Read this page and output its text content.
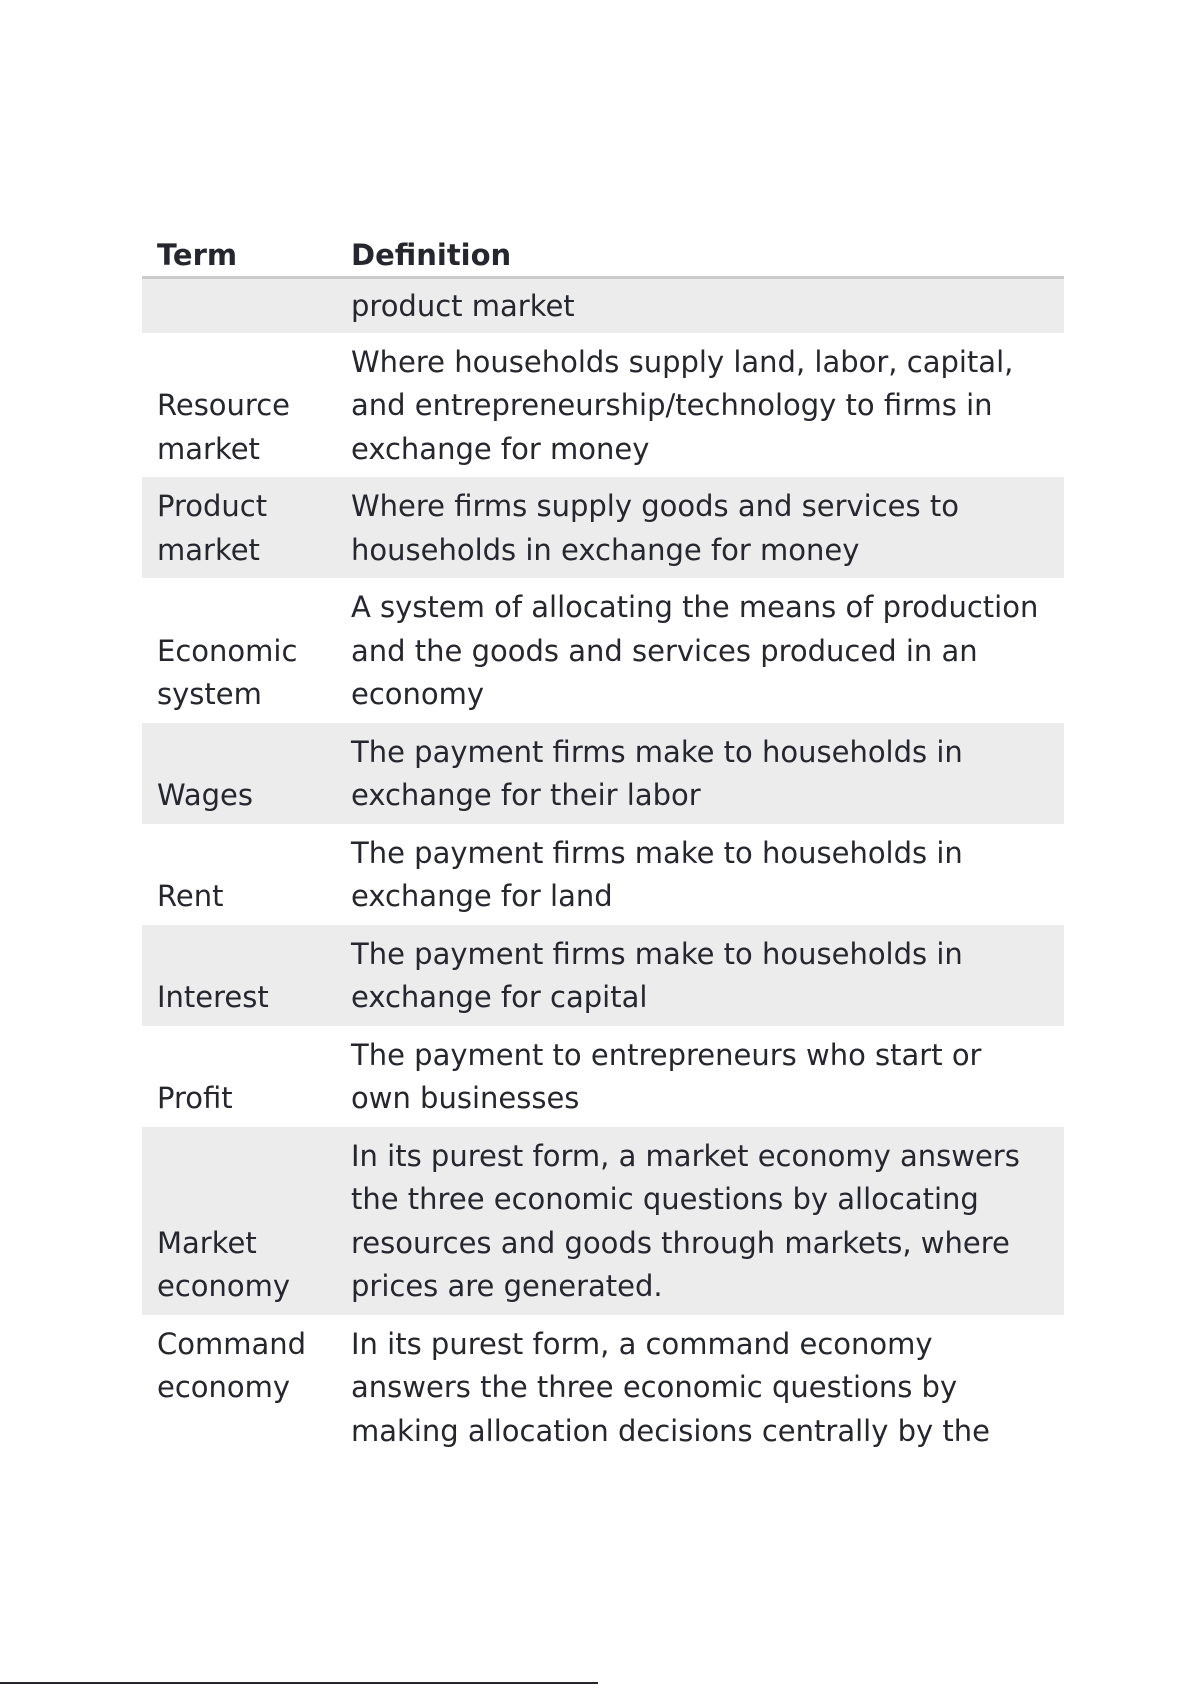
Term	Definition
	product market
Resource market	Where households supply land, labor, capital, and entrepreneurship/technology to firms in exchange for money
Product market	Where firms supply goods and services to households in exchange for money
Economic system	A system of allocating the means of production and the goods and services produced in an economy
Wages	The payment firms make to households in exchange for their labor
Rent	The payment firms make to households in exchange for land
Interest	The payment firms make to households in exchange for capital
Profit	The payment to entrepreneurs who start or own businesses
Market economy	In its purest form, a market economy answers the three economic questions by allocating resources and goods through markets, where prices are generated.
Command economy	In its purest form, a command economy answers the three economic questions by making allocation decisions centrally by the
